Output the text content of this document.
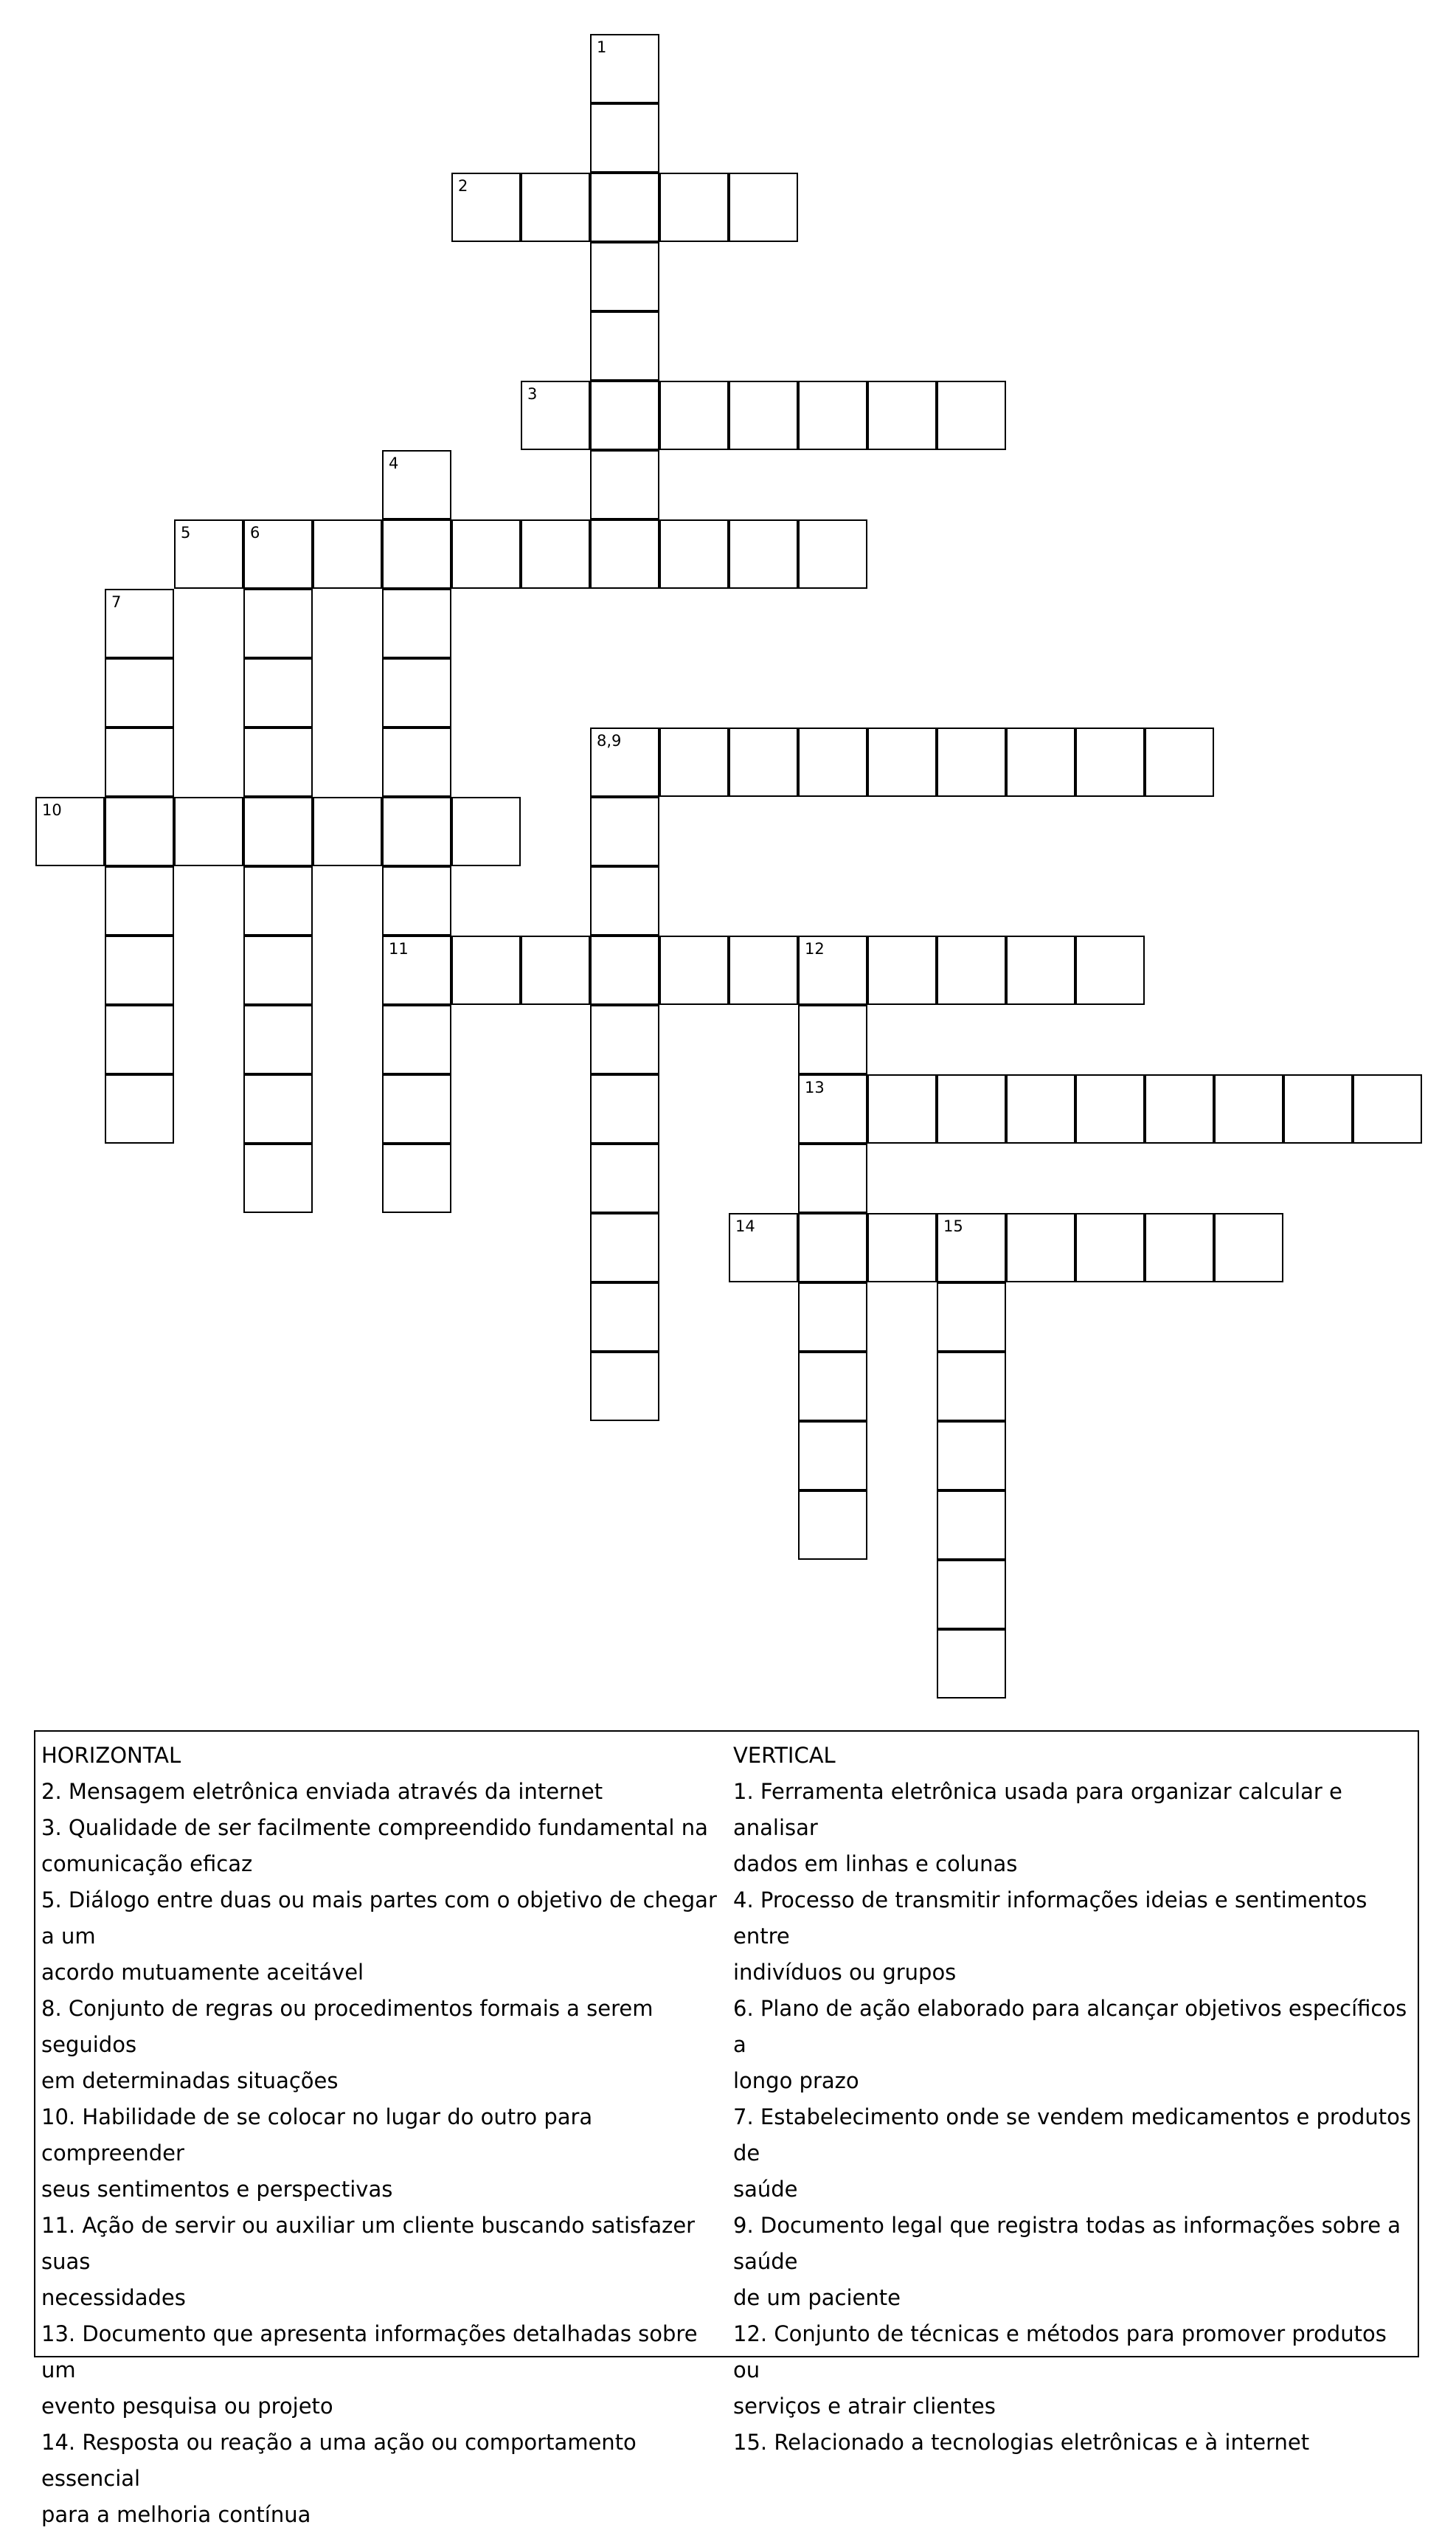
1
2
3
5	6
4
11
7
8,9
10
12
13
14	15
HORIZONTAL
2. Mensagem eletrônica enviada através da internet
3. Qualidade de ser facilmente compreendido fundamental na
comunicação eficaz
5. Diálogo entre duas ou mais partes com o objetivo de chegar a um
acordo mutuamente aceitável
8. Conjunto de regras ou procedimentos formais a serem seguidos
em determinadas situações
10. Habilidade de se colocar no lugar do outro para compreender
seus sentimentos e perspectivas
11. Ação de servir ou auxiliar um cliente buscando satisfazer suas
necessidades
13. Documento que apresenta informações detalhadas sobre um
evento pesquisa ou projeto
14. Resposta ou reação a uma ação ou comportamento essencial
para a melhoria contínua
VERTICAL
1. Ferramenta eletrônica usada para organizar calcular e analisar
dados em linhas e colunas
4. Processo de transmitir informações ideias e sentimentos entre
indivíduos ou grupos
6. Plano de ação elaborado para alcançar objetivos específicos a
longo prazo
7. Estabelecimento onde se vendem medicamentos e produtos de
saúde
9. Documento legal que registra todas as informações sobre a saúde
de um paciente
12. Conjunto de técnicas e métodos para promover produtos ou
serviços e atrair clientes
15. Relacionado a tecnologias eletrônicas e à internet
